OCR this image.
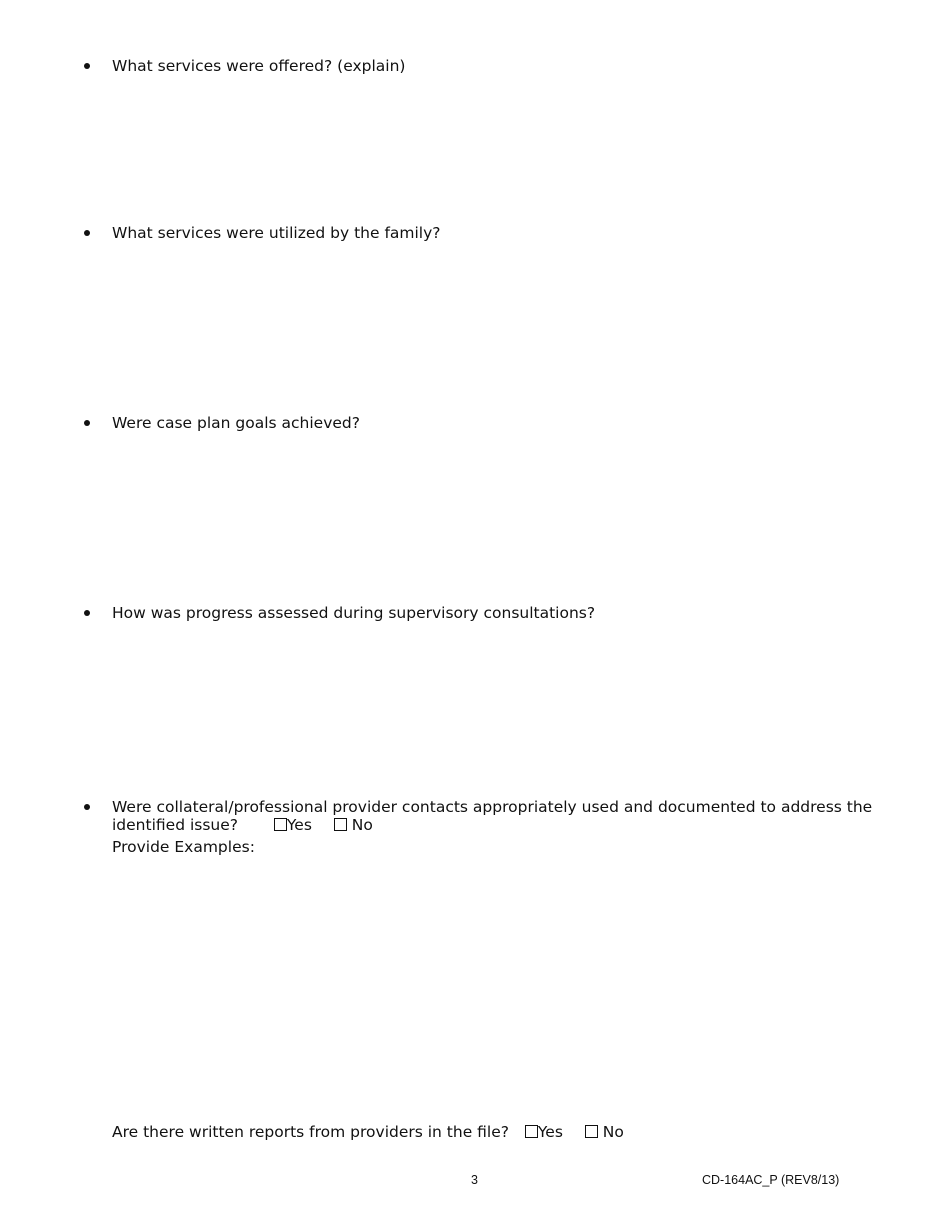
What services were offered? (explain)
What services were utilized by the family?
Were case plan goals achieved?
How was progress assessed during supervisory consultations?
Were collateral/professional provider contacts appropriately used and documented to address the
identified issue?	Yes	No
Provide Examples:
Are there written reports from providers in the file? Yes	No
3	CD-164AC_P (REV8/13)
